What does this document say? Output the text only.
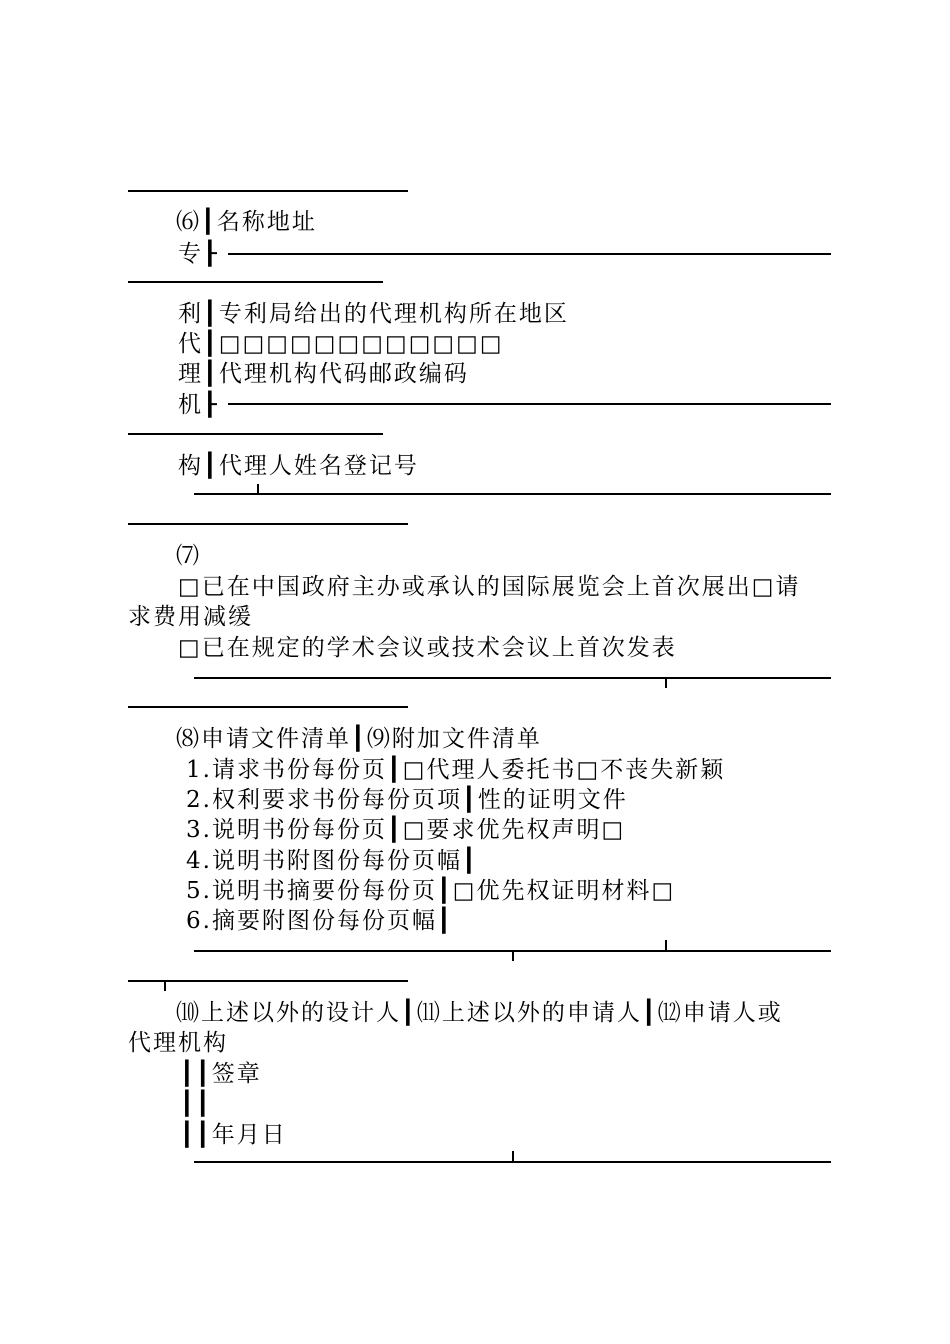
⑹┃名称地址
专┠
利┃专利局给出的代理机构所在地区
代┃□□□□□□□□□□□□
理┃代理机构代码邮政编码
机┠
构┃代理人姓名登记号
⑺
□已在中国政府主办或承认的国际展览会上首次展出□请
求费用减缓
□已在规定的学术会议或技术会议上首次发表
⑻申请文件清单┃⑼附加文件清单
1.请求书份每份页┃□代理人委托书□不丧失新颖
2.权利要求书份每份页项┃性的证明文件
3.说明书份每份页┃□要求优先权声明□
4.说明书附图份每份页幅┃
5.说明书摘要份每份页┃□优先权证明材料□
6.摘要附图份每份页幅┃
⑽上述以外的设计人┃⑾上述以外的申请人┃⑿申请人或
代理机构
┃┃签章
┃┃
┃┃年月日
